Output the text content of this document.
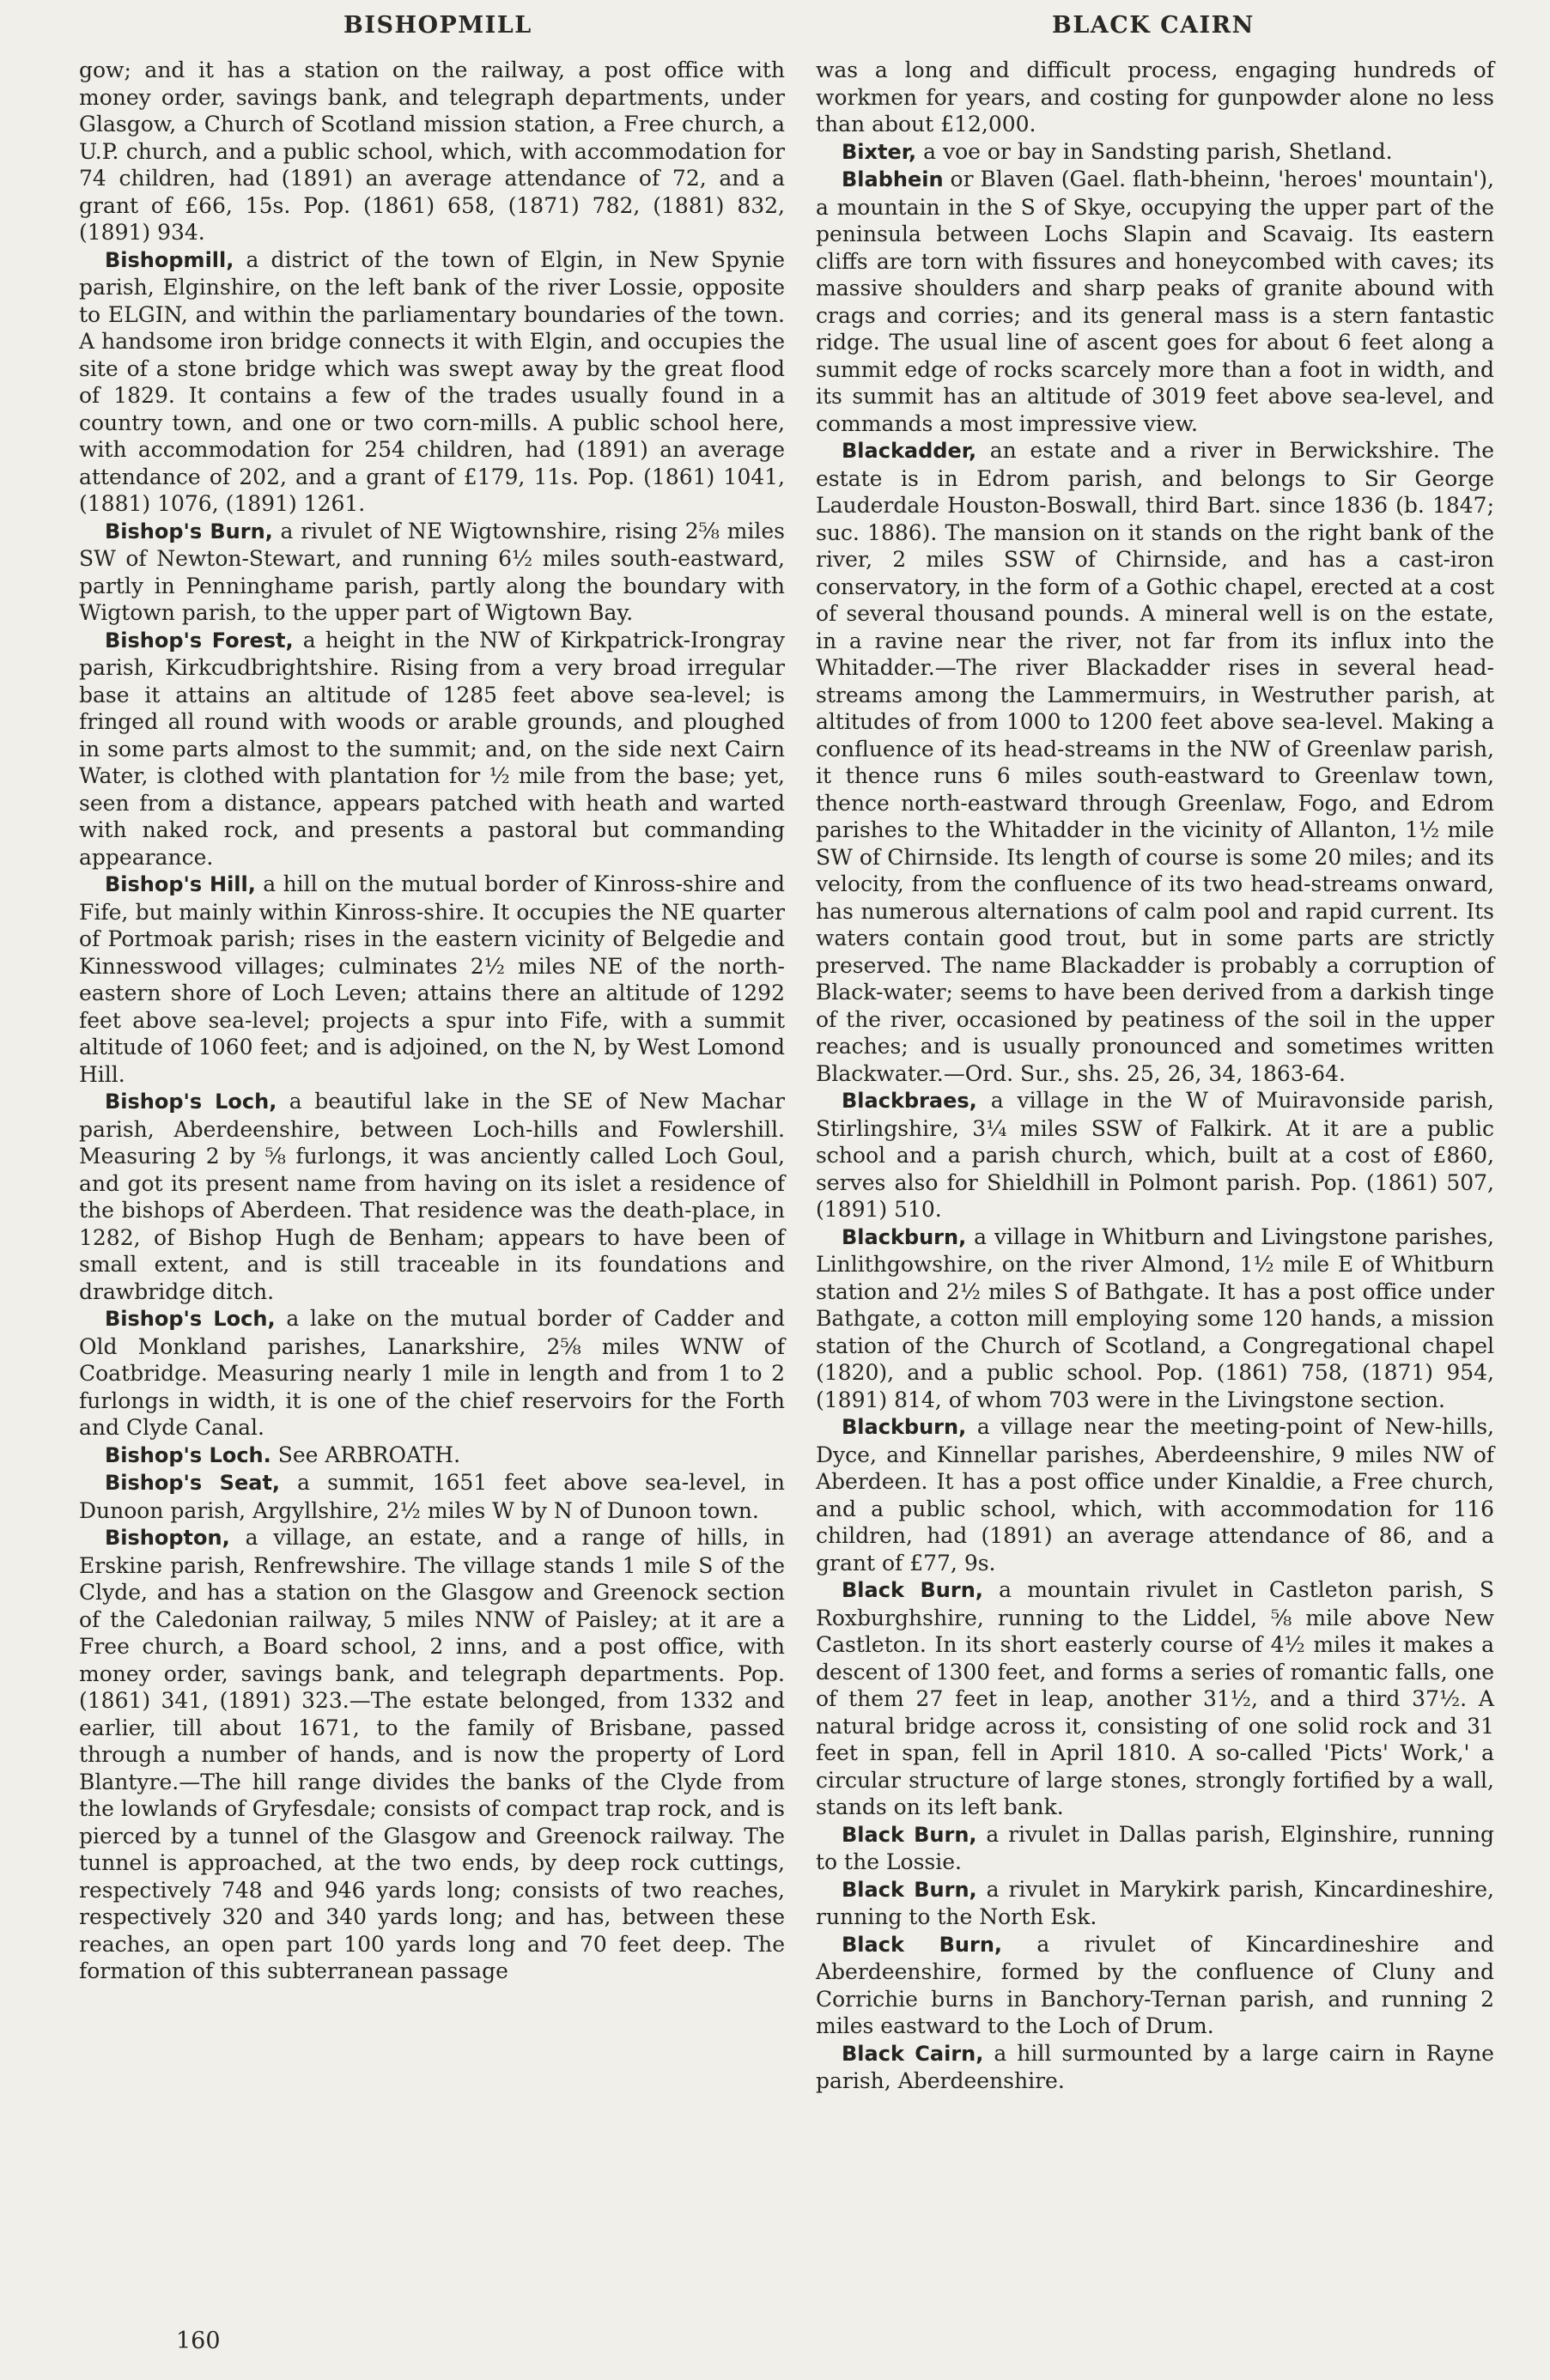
BISHOPMILL	BLACK CAIRN

gow; and it has a station on the railway, a post office with money order, savings bank, and telegraph departments, under Glasgow, a Church of Scotland mission station, a Free church, a U.P. church, and a public school, which, with accommodation for 74 children, had (1891) an average attendance of 72, and a grant of £66, 15s. Pop. (1861) 658, (1871) 782, (1881) 832, (1891) 934.

Bishopmill, a district of the town of Elgin, in New Spynie parish, Elginshire, on the left bank of the river Lossie, opposite to ELGIN, and within the parliamentary boundaries of the town. A handsome iron bridge connects it with Elgin, and occupies the site of a stone bridge which was swept away by the great flood of 1829. It contains a few of the trades usually found in a country town, and one or two corn-mills. A public school here, with accommodation for 254 children, had (1891) an average attendance of 202, and a grant of £179, 11s. Pop. (1861) 1041, (1881) 1076, (1891) 1261.

Bishop's Burn, a rivulet of NE Wigtownshire, rising 2⅝ miles SW of Newton-Stewart, and running 6½ miles south-eastward, partly in Penninghame parish, partly along the boundary with Wigtown parish, to the upper part of Wigtown Bay.

Bishop's Forest, a height in the NW of Kirkpatrick-Irongray parish, Kirkcudbrightshire. Rising from a very broad irregular base it attains an altitude of 1285 feet above sea-level; is fringed all round with woods or arable grounds, and ploughed in some parts almost to the summit; and, on the side next Cairn Water, is clothed with plantation for ½ mile from the base; yet, seen from a distance, appears patched with heath and warted with naked rock, and presents a pastoral but commanding appearance.

Bishop's Hill, a hill on the mutual border of Kinross-shire and Fife, but mainly within Kinross-shire. It occupies the NE quarter of Portmoak parish; rises in the eastern vicinity of Belgedie and Kinnesswood villages; culminates 2½ miles NE of the north-eastern shore of Loch Leven; attains there an altitude of 1292 feet above sea-level; projects a spur into Fife, with a summit altitude of 1060 feet; and is adjoined, on the N, by West Lomond Hill.

Bishop's Loch, a beautiful lake in the SE of New Machar parish, Aberdeenshire, between Loch-hills and Fowlershill. Measuring 2 by ⅝ furlongs, it was anciently called Loch Goul, and got its present name from having on its islet a residence of the bishops of Aberdeen. That residence was the death-place, in 1282, of Bishop Hugh de Benham; appears to have been of small extent, and is still traceable in its foundations and drawbridge ditch.

Bishop's Loch, a lake on the mutual border of Cadder and Old Monkland parishes, Lanarkshire, 2⅝ miles WNW of Coatbridge. Measuring nearly 1 mile in length and from 1 to 2 furlongs in width, it is one of the chief reservoirs for the Forth and Clyde Canal.

Bishop's Loch. See ARBROATH.

Bishop's Seat, a summit, 1651 feet above sea-level, in Dunoon parish, Argyllshire, 2½ miles W by N of Dunoon town.

Bishopton, a village, an estate, and a range of hills, in Erskine parish, Renfrewshire. The village stands 1 mile S of the Clyde, and has a station on the Glasgow and Greenock section of the Caledonian railway, 5 miles NNW of Paisley; at it are a Free church, a Board school, 2 inns, and a post office, with money order, savings bank, and telegraph departments. Pop. (1861) 341, (1891) 323.—The estate belonged, from 1332 and earlier, till about 1671, to the family of Brisbane, passed through a number of hands, and is now the property of Lord Blantyre.—The hill range divides the banks of the Clyde from the lowlands of Gryfesdale; consists of compact trap rock, and is pierced by a tunnel of the Glasgow and Greenock railway. The tunnel is approached, at the two ends, by deep rock cuttings, respectively 748 and 946 yards long; consists of two reaches, respectively 320 and 340 yards long; and has, between these reaches, an open part 100 yards long and 70 feet deep. The formation of this subterranean passage

was a long and difficult process, engaging hundreds of workmen for years, and costing for gunpowder alone no less than about £12,000.

Bixter, a voe or bay in Sandsting parish, Shetland.

Blabhein or Blaven (Gael. flath-bheinn, 'heroes' mountain'), a mountain in the S of Skye, occupying the upper part of the peninsula between Lochs Slapin and Scavaig. Its eastern cliffs are torn with fissures and honeycombed with caves; its massive shoulders and sharp peaks of granite abound with crags and corries; and its general mass is a stern fantastic ridge. The usual line of ascent goes for about 6 feet along a summit edge of rocks scarcely more than a foot in width, and its summit has an altitude of 3019 feet above sea-level, and commands a most impressive view.

Blackadder, an estate and a river in Berwickshire. The estate is in Edrom parish, and belongs to Sir George Lauderdale Houston-Boswall, third Bart. since 1836 (b. 1847; suc. 1886). The mansion on it stands on the right bank of the river, 2 miles SSW of Chirnside, and has a cast-iron conservatory, in the form of a Gothic chapel, erected at a cost of several thousand pounds. A mineral well is on the estate, in a ravine near the river, not far from its influx into the Whitadder.—The river Blackadder rises in several head-streams among the Lammermuirs, in Westruther parish, at altitudes of from 1000 to 1200 feet above sea-level. Making a confluence of its head-streams in the NW of Greenlaw parish, it thence runs 6 miles south-eastward to Greenlaw town, thence north-eastward through Greenlaw, Fogo, and Edrom parishes to the Whitadder in the vicinity of Allanton, 1½ mile SW of Chirnside. Its length of course is some 20 miles; and its velocity, from the confluence of its two head-streams onward, has numerous alternations of calm pool and rapid current. Its waters contain good trout, but in some parts are strictly preserved. The name Blackadder is probably a corruption of Black-water; seems to have been derived from a darkish tinge of the river, occasioned by peatiness of the soil in the upper reaches; and is usually pronounced and sometimes written Blackwater.—Ord. Sur., shs. 25, 26, 34, 1863-64.

Blackbraes, a village in the W of Muiravonside parish, Stirlingshire, 3¼ miles SSW of Falkirk. At it are a public school and a parish church, which, built at a cost of £860, serves also for Shieldhill in Polmont parish. Pop. (1861) 507, (1891) 510.

Blackburn, a village in Whitburn and Livingstone parishes, Linlithgowshire, on the river Almond, 1½ mile E of Whitburn station and 2½ miles S of Bathgate. It has a post office under Bathgate, a cotton mill employing some 120 hands, a mission station of the Church of Scotland, a Congregational chapel (1820), and a public school. Pop. (1861) 758, (1871) 954, (1891) 814, of whom 703 were in the Livingstone section.

Blackburn, a village near the meeting-point of New-hills, Dyce, and Kinnellar parishes, Aberdeenshire, 9 miles NW of Aberdeen. It has a post office under Kinaldie, a Free church, and a public school, which, with accommodation for 116 children, had (1891) an average attendance of 86, and a grant of £77, 9s.

Black Burn, a mountain rivulet in Castleton parish, S Roxburghshire, running to the Liddel, ⅝ mile above New Castleton. In its short easterly course of 4½ miles it makes a descent of 1300 feet, and forms a series of romantic falls, one of them 27 feet in leap, another 31½, and a third 37½. A natural bridge across it, consisting of one solid rock and 31 feet in span, fell in April 1810. A so-called 'Picts' Work,' a circular structure of large stones, strongly fortified by a wall, stands on its left bank.

Black Burn, a rivulet in Dallas parish, Elginshire, running to the Lossie.

Black Burn, a rivulet in Marykirk parish, Kincardineshire, running to the North Esk.

Black Burn, a rivulet of Kincardineshire and Aberdeenshire, formed by the confluence of Cluny and Corrichie burns in Banchory-Ternan parish, and running 2 miles eastward to the Loch of Drum.

Black Cairn, a hill surmounted by a large cairn in Rayne parish, Aberdeenshire.

160
